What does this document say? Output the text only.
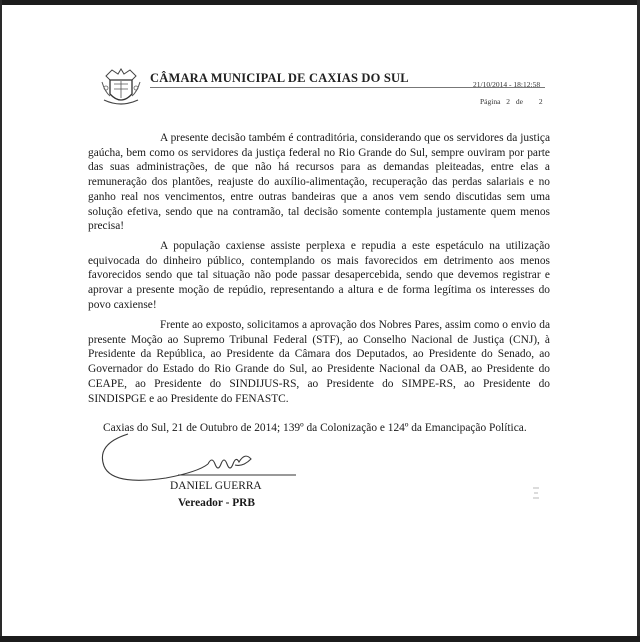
CÂMARA MUNICIPAL DE CAXIAS DO SUL	21/10/2014 - 18:12:58
Página 2 de 2

A presente decisão também é contraditória, considerando que os servidores da justiça gaúcha, bem como os servidores da justiça federal no Rio Grande do Sul, sempre ouviram por parte das suas administrações, de que não há recursos para as demandas pleiteadas, entre elas a remuneração dos plantões, reajuste do auxílio-alimentação, recuperação das perdas salariais e no ganho real nos vencimentos, entre outras bandeiras que a anos vem sendo discutidas sem uma solução efetiva, sendo que na contramão, tal decisão somente contempla justamente quem menos precisa!

A população caxiense assiste perplexa e repudia a este espetáculo na utilização equivocada do dinheiro público, contemplando os mais favorecidos em detrimento aos menos favorecidos sendo que tal situação não pode passar desapercebida, sendo que devemos registrar e aprovar a presente moção de repúdio, representando a altura e de forma legítima os interesses do povo caxiense!

Frente ao exposto, solicitamos a aprovação dos Nobres Pares, assim como o envio da presente Moção ao Supremo Tribunal Federal (STF), ao Conselho Nacional de Justiça (CNJ), à Presidente da República, ao Presidente da Câmara dos Deputados, ao Presidente do Senado, ao Governador do Estado do Rio Grande do Sul, ao Presidente Nacional da OAB, ao Presidente do CEAPE, ao Presidente do SINDIJUS-RS, ao Presidente do SIMPE-RS, ao Presidente do SINDISPGE e ao Presidente do FENASTC.

Caxias do Sul, 21 de Outubro de 2014; 139º da Colonização e 124º da Emancipação Política.

DANIEL GUERRA
Vereador - PRB
